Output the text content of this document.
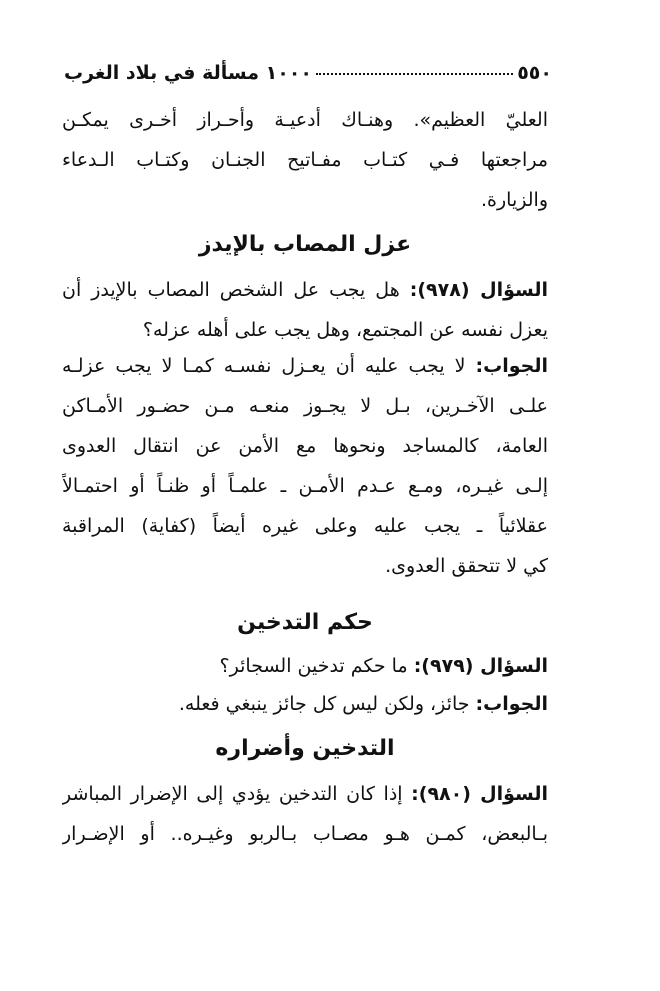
٥٥٠
١٠٠٠ مسألة في بلاد الغرب
العليّ العظيم». وهنـاك أدعيـة وأحـراز أخـرى يمكـن
مراجعتها فـي كتـاب مفـاتيح الجنـان وكتـاب الـدعاء
والزيارة.
عزل المصاب بالإيدز
السؤال (٩٧٨): هل يجب عل الشخص المصاب بالإيدز أن
يعزل نفسه عن المجتمع، وهل يجب على أهله عزله؟
الجواب: لا يجب عليه أن يعـزل نفسـه كمـا لا يجب عزلـه
علـى الآخـرين، بـل لا يجـوز منعـه مـن حضـور الأمـاكن
العامة، كالمساجد ونحوها مع الأمن عن انتقال العدوى
إلـى غيـره، ومـع عـدم الأمـن ـ علمـاً أو ظنـاً أو احتمـالاً
عقلائياً ـ يجب عليه وعلى غيره أيضاً (كفاية) المراقبة
كي لا تتحقق العدوى.
حكم التدخين
السؤال (٩٧٩): ما حكم تدخين السجائر؟
الجواب: جائز، ولكن ليس كل جائز ينبغي فعله.
التدخين وأضراره
السؤال (٩٨٠): إذا كان التدخين يؤدي إلى الإضرار المباشر
بـالبعض، كمـن هـو مصـاب بـالربو وغيـره.. أو الإضـرار
